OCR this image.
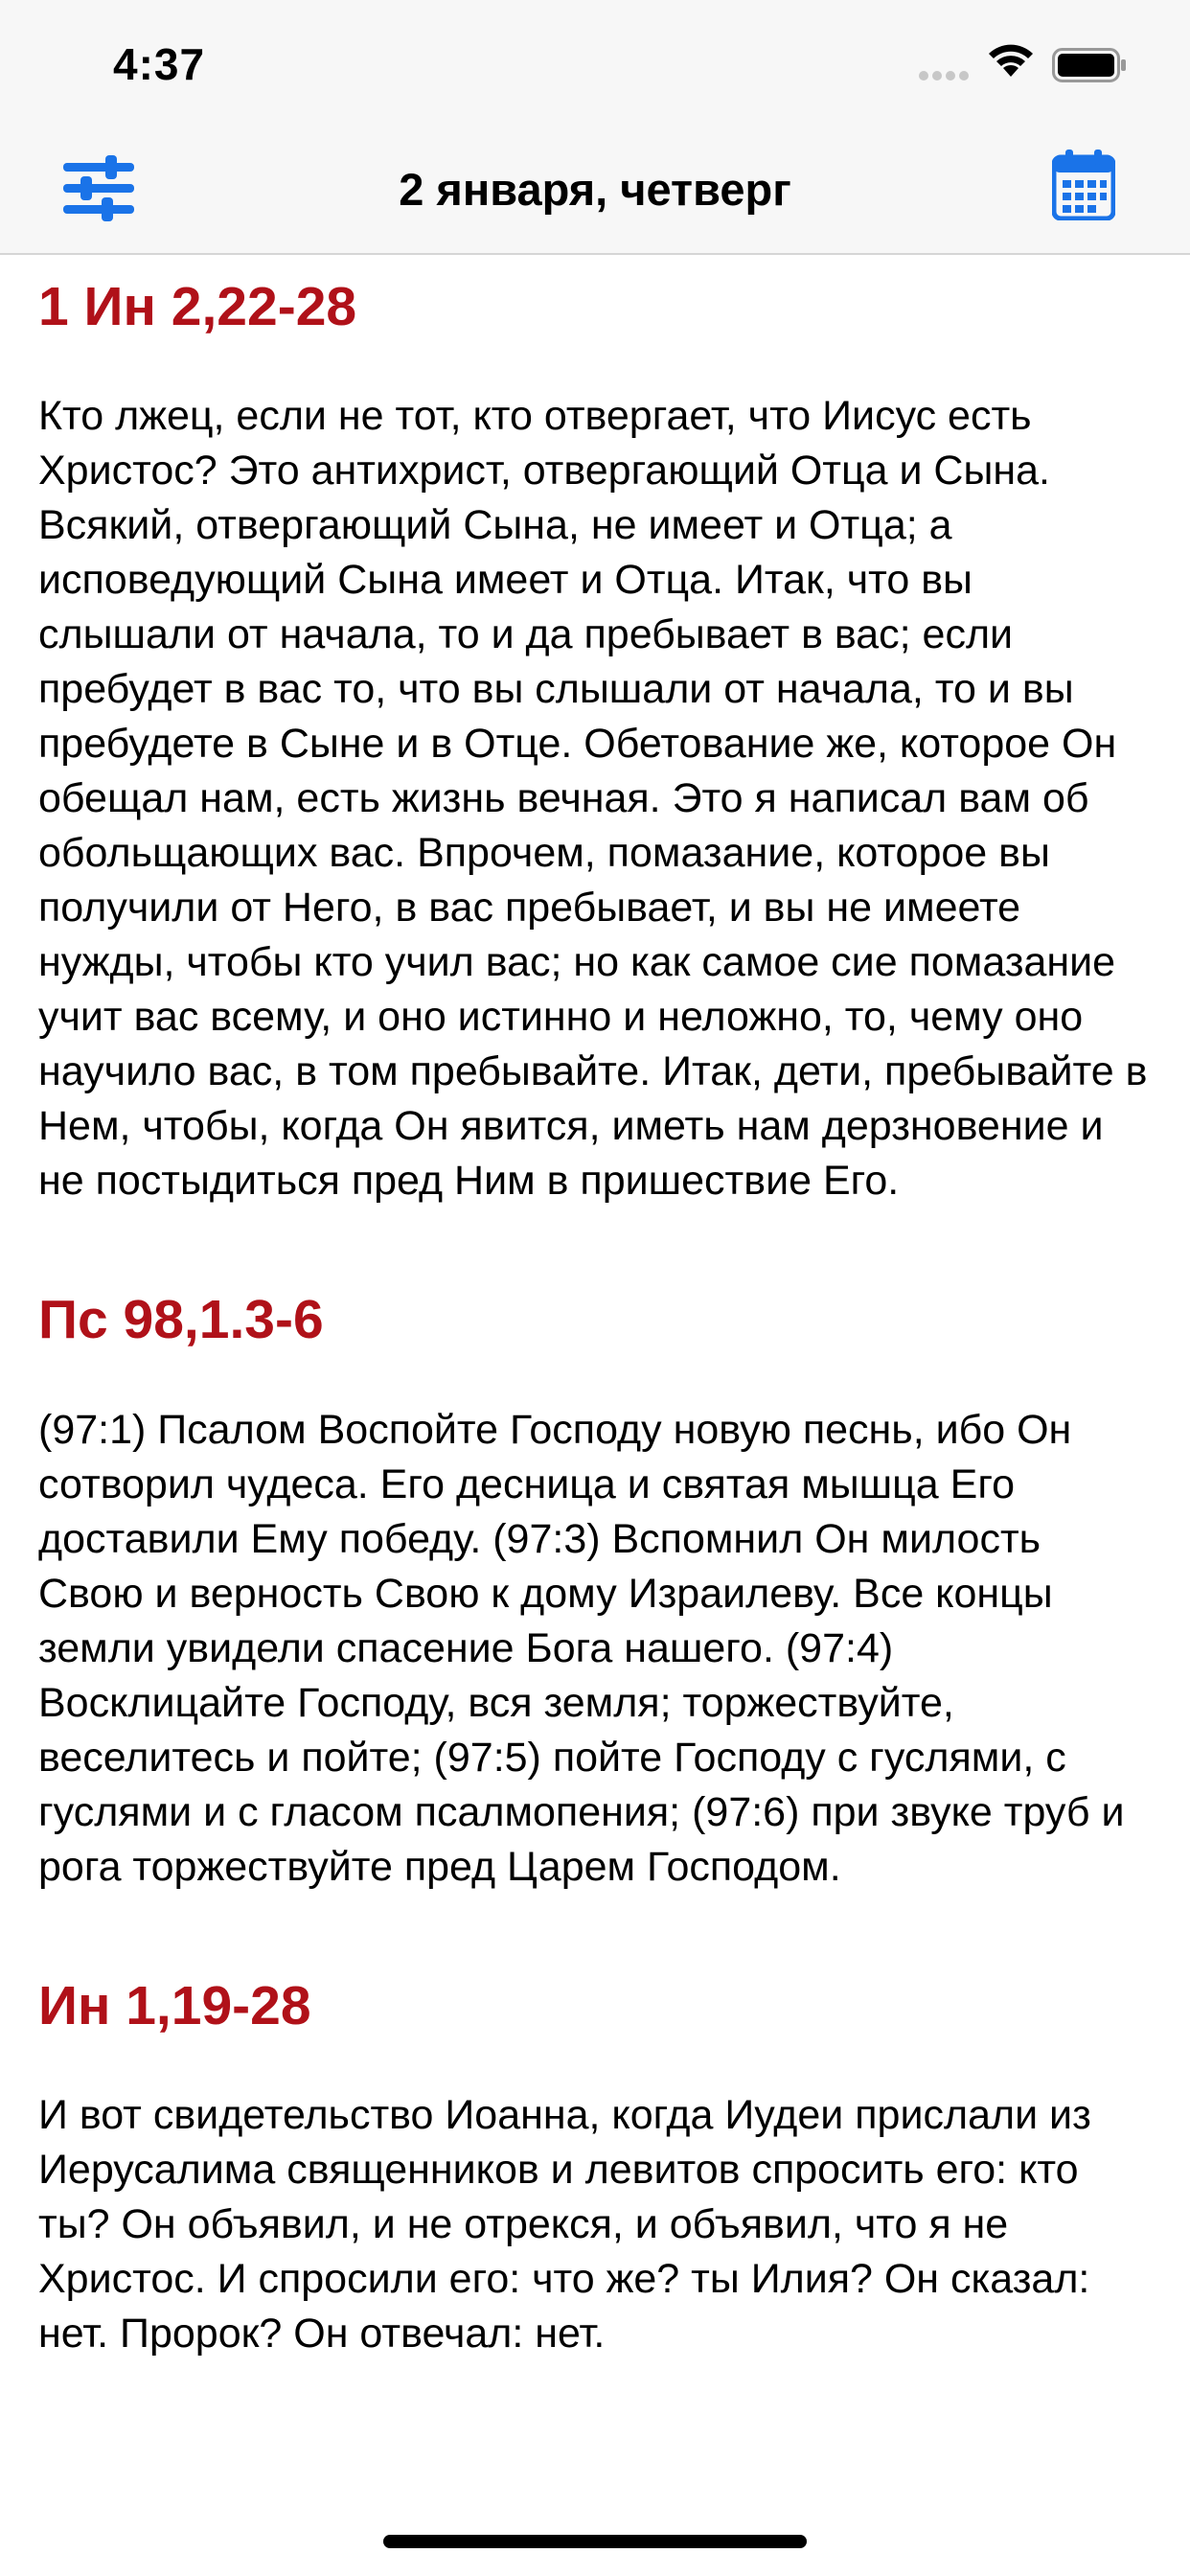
4:37
2 января, четверг
1 Ин 2,22-28

Кто лжец, если не тот, кто отвергает, что Иисус есть Христос? Это антихрист, отвергающий Отца и Сына. Всякий, отвергающий Сына, не имеет и Отца; а исповедующий Сына имеет и Отца. Итак, что вы слышали от начала, то и да пребывает в вас; если пребудет в вас то, что вы слышали от начала, то и вы пребудете в Сыне и в Отце. Обетование же, которое Он обещал нам, есть жизнь вечная. Это я написал вам об обольщающих вас. Впрочем, помазание, которое вы получили от Него, в вас пребывает, и вы не имеете нужды, чтобы кто учил вас; но как самое сие помазание учит вас всему, и оно истинно и неложно, то, чему оно научило вас, в том пребывайте. Итак, дети, пребывайте в Нем, чтобы, когда Он явится, иметь нам дерзновение и не постыдиться пред Ним в пришествие Его.

Пс 98,1.3-6

(97:1) Псалом Воспойте Господу новую песнь, ибо Он сотворил чудеса. Его десница и святая мышца Его доставили Ему победу. (97:3) Вспомнил Он милость Свою и верность Свою к дому Израилеву. Все концы земли увидели спасение Бога нашего. (97:4) Восклицайте Господу, вся земля; торжествуйте, веселитесь и пойте; (97:5) пойте Господу с гуслями, с гуслями и с гласом псалмопения; (97:6) при звуке труб и рога торжествуйте пред Царем Господом.

Ин 1,19-28

И вот свидетельство Иоанна, когда Иудеи прислали из Иерусалима священников и левитов спросить его: кто ты? Он объявил, и не отрекся, и объявил, что я не Христос. И спросили его: что же? ты Илия? Он сказал: нет. Пророк? Он отвечал: нет.
